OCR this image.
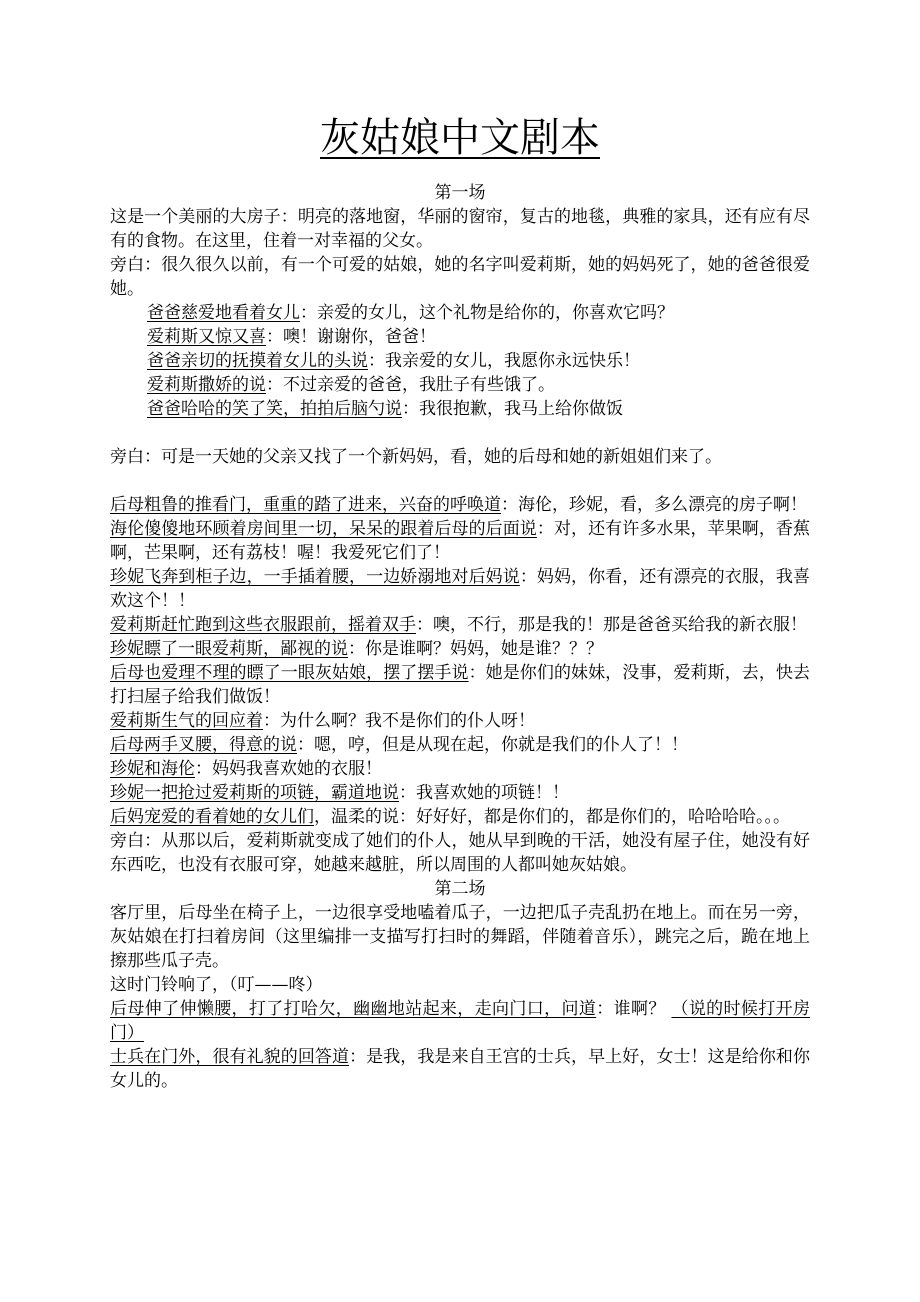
灰姑娘中文剧本

第一场

这是一个美丽的大房子：明亮的落地窗，华丽的窗帘，复古的地毯，典雅的家具，还有应有尽有的食物。在这里，住着一对幸福的父女。

旁白：很久很久以前，有一个可爱的姑娘，她的名字叫爱莉斯，她的妈妈死了，她的爸爸很爱她。

爸爸慈爱地看着女儿：亲爱的女儿，这个礼物是给你的，你喜欢它吗？

爱莉斯又惊又喜：噢！谢谢你，爸爸！

爸爸亲切的抚摸着女儿的头说：我亲爱的女儿，我愿你永远快乐！

爱莉斯撒娇的说：不过亲爱的爸爸，我肚子有些饿了。

爸爸哈哈的笑了笑，拍拍后脑勺说：我很抱歉，我马上给你做饭

旁白：可是一天她的父亲又找了一个新妈妈，看，她的后母和她的新姐姐们来了。

后母粗鲁的推看门，重重的踏了进来，兴奋的呼唤道：海伦，珍妮，看，多么漂亮的房子啊！

海伦傻傻地环顾着房间里一切，呆呆的跟着后母的后面说：对，还有许多水果，苹果啊，香蕉啊，芒果啊，还有荔枝！喔！我爱死它们了！

珍妮飞奔到柜子边，一手插着腰，一边娇溺地对后妈说：妈妈，你看，还有漂亮的衣服，我喜欢这个！！

爱莉斯赶忙跑到这些衣服跟前，摇着双手：噢，不行，那是我的！那是爸爸买给我的新衣服！

珍妮瞟了一眼爱莉斯，鄙视的说：你是谁啊？妈妈，她是谁？？？

后母也爱理不理的瞟了一眼灰姑娘，摆了摆手说：她是你们的妹妹，没事，爱莉斯，去，快去打扫屋子给我们做饭！

爱莉斯生气的回应着：为什么啊？我不是你们的仆人呀！

后母两手叉腰，得意的说：嗯，哼，但是从现在起，你就是我们的仆人了！！

珍妮和海伦：妈妈我喜欢她的衣服！

珍妮一把抢过爱莉斯的项链，霸道地说：我喜欢她的项链！！

后妈宠爱的看着她的女儿们，温柔的说：好好好，都是你们的，都是你们的，哈哈哈哈。。。

旁白：从那以后，爱莉斯就变成了她们的仆人，她从早到晚的干活，她没有屋子住，她没有好东西吃，也没有衣服可穿，她越来越脏，所以周围的人都叫她灰姑娘。

第二场

客厅里，后母坐在椅子上，一边很享受地嗑着瓜子，一边把瓜子壳乱扔在地上。而在另一旁，灰姑娘在打扫着房间（这里编排一支描写打扫时的舞蹈，伴随着音乐），跳完之后，跪在地上擦那些瓜子壳。

这时门铃响了，（叮——咚）

后母伸了伸懒腰，打了打哈欠，幽幽地站起来，走向门口，问道：谁啊？ （说的时候打开房门）

士兵在门外，很有礼貌的回答道：是我，我是来自王宫的士兵，早上好，女士！这是给你和你女儿的。
